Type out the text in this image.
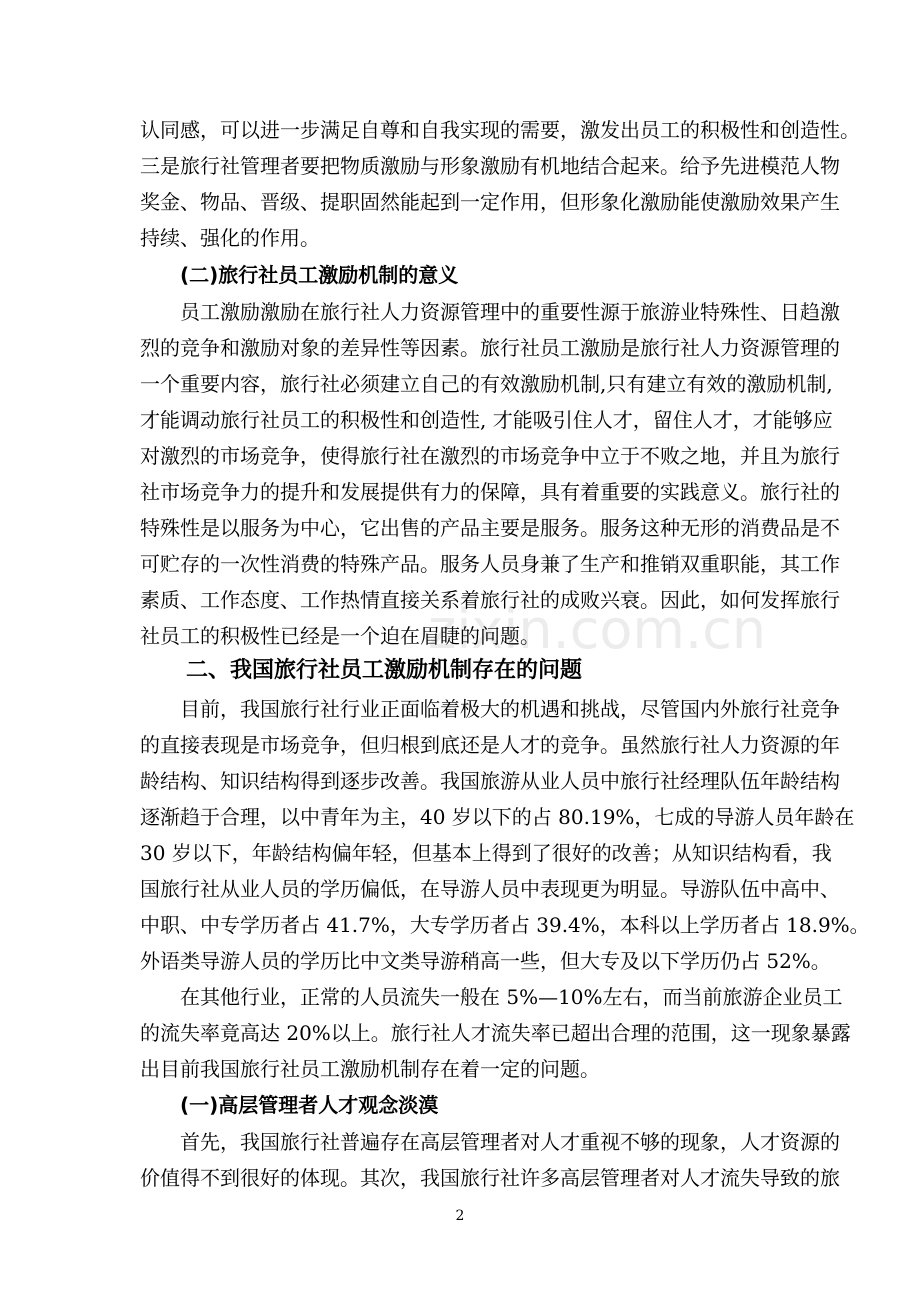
zixin.com.cn
认同感，可以进一步满足自尊和自我实现的需要，激发出员工的积极性和创造性。
三是旅行社管理者要把物质激励与形象激励有机地结合起来。给予先进模范人物
奖金、物品、晋级、提职固然能起到一定作用，但形象化激励能使激励效果产生
持续、强化的作用。
(二)旅行社员工激励机制的意义
员工激励激励在旅行社人力资源管理中的重要性源于旅游业特殊性、日趋激
烈的竞争和激励对象的差异性等因素。旅行社员工激励是旅行社人力资源管理的
一个重要内容，旅行社必须建立自己的有效激励机制,只有建立有效的激励机制,
才能调动旅行社员工的积极性和创造性, 才能吸引住人才，留住人才，才能够应
对激烈的市场竞争，使得旅行社在激烈的市场竞争中立于不败之地，并且为旅行
社市场竞争力的提升和发展提供有力的保障，具有着重要的实践意义。旅行社的
特殊性是以服务为中心，它出售的产品主要是服务。服务这种无形的消费品是不
可贮存的一次性消费的特殊产品。服务人员身兼了生产和推销双重职能，其工作
素质、工作态度、工作热情直接关系着旅行社的成败兴衰。因此，如何发挥旅行
社员工的积极性已经是一个迫在眉睫的问题。
二、我国旅行社员工激励机制存在的问题
目前，我国旅行社行业正面临着极大的机遇和挑战，尽管国内外旅行社竞争
的直接表现是市场竞争，但归根到底还是人才的竞争。虽然旅行社人力资源的年
龄结构、知识结构得到逐步改善。我国旅游从业人员中旅行社经理队伍年龄结构
逐渐趋于合理，以中青年为主，40 岁以下的占 80.19%，七成的导游人员年龄在
30 岁以下，年龄结构偏年轻，但基本上得到了很好的改善；从知识结构看，我
国旅行社从业人员的学历偏低，在导游人员中表现更为明显。导游队伍中高中、
中职、中专学历者占 41.7%，大专学历者占 39.4%，本科以上学历者占 18.9%。
外语类导游人员的学历比中文类导游稍高一些，但大专及以下学历仍占 52%。
在其他行业，正常的人员流失一般在 5%—10%左右，而当前旅游企业员工
的流失率竟高达 20%以上。旅行社人才流失率已超出合理的范围，这一现象暴露
出目前我国旅行社员工激励机制存在着一定的问题。
(一)高层管理者人才观念淡漠
首先，我国旅行社普遍存在高层管理者对人才重视不够的现象，人才资源的
价值得不到很好的体现。其次，我国旅行社许多高层管理者对人才流失导致的旅
2
